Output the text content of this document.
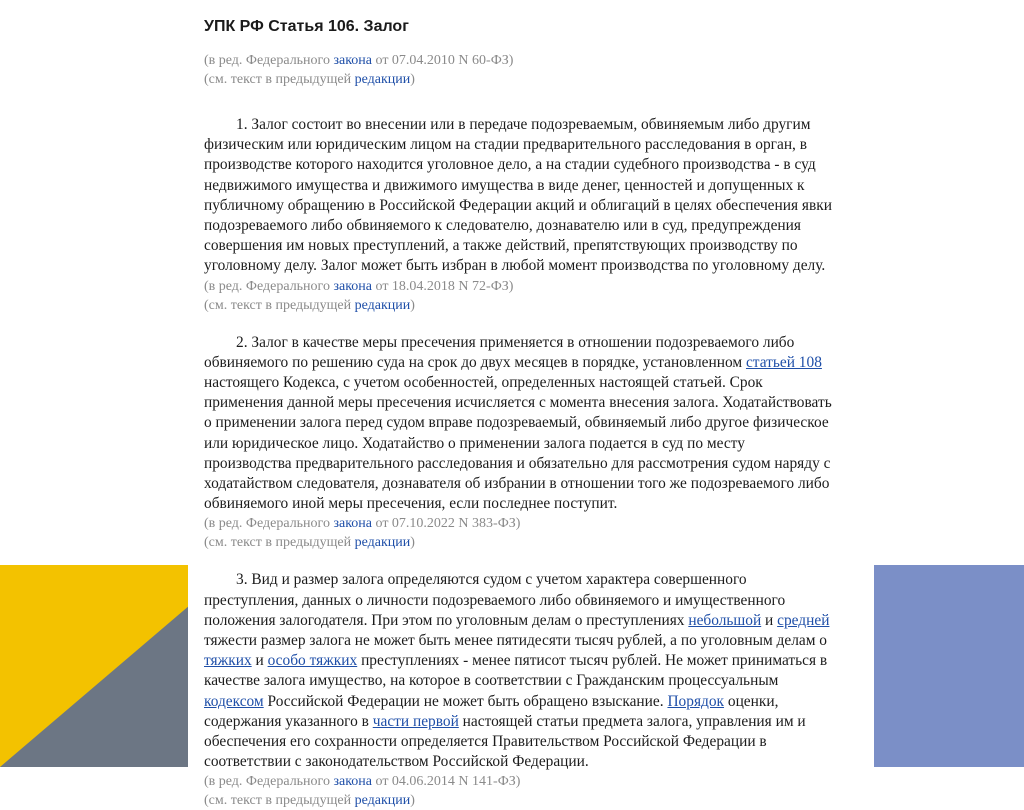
УПК РФ Статья 106. Залог
(в ред. Федерального закона от 07.04.2010 N 60-ФЗ)
(см. текст в предыдущей редакции)
1. Залог состоит во внесении или в передаче подозреваемым, обвиняемым либо другим
физическим или юридическим лицом на стадии предварительного расследования в орган, в
производстве которого находится уголовное дело, а на стадии судебного производства - в суд
недвижимого имущества и движимого имущества в виде денег, ценностей и допущенных к
публичному обращению в Российской Федерации акций и облигаций в целях обеспечения явки
подозреваемого либо обвиняемого к следователю, дознавателю или в суд, предупреждения
совершения им новых преступлений, а также действий, препятствующих производству по
уголовному делу. Залог может быть избран в любой момент производства по уголовному делу.
(в ред. Федерального закона от 18.04.2018 N 72-ФЗ)
(см. текст в предыдущей редакции)
2. Залог в качестве меры пресечения применяется в отношении подозреваемого либо
обвиняемого по решению суда на срок до двух месяцев в порядке, установленном статьей 108
настоящего Кодекса, с учетом особенностей, определенных настоящей статьей. Срок
применения данной меры пресечения исчисляется с момента внесения залога. Ходатайствовать
о применении залога перед судом вправе подозреваемый, обвиняемый либо другое физическое
или юридическое лицо. Ходатайство о применении залога подается в суд по месту
производства предварительного расследования и обязательно для рассмотрения судом наряду с
ходатайством следователя, дознавателя об избрании в отношении того же подозреваемого либо
обвиняемого иной меры пресечения, если последнее поступит.
(в ред. Федерального закона от 07.10.2022 N 383-ФЗ)
(см. текст в предыдущей редакции)
3. Вид и размер залога определяются судом с учетом характера совершенного
преступления, данных о личности подозреваемого либо обвиняемого и имущественного
положения залогодателя. При этом по уголовным делам о преступлениях небольшой и средней
тяжести размер залога не может быть менее пятидесяти тысяч рублей, а по уголовным делам о
тяжких и особо тяжких преступлениях - менее пятисот тысяч рублей. Не может приниматься в
качестве залога имущество, на которое в соответствии с Гражданским процессуальным
кодексом Российской Федерации не может быть обращено взыскание. Порядок оценки,
содержания указанного в части первой настоящей статьи предмета залога, управления им и
обеспечения его сохранности определяется Правительством Российской Федерации в
соответствии с законодательством Российской Федерации.
(в ред. Федерального закона от 04.06.2014 N 141-ФЗ)
(см. текст в предыдущей редакции)
